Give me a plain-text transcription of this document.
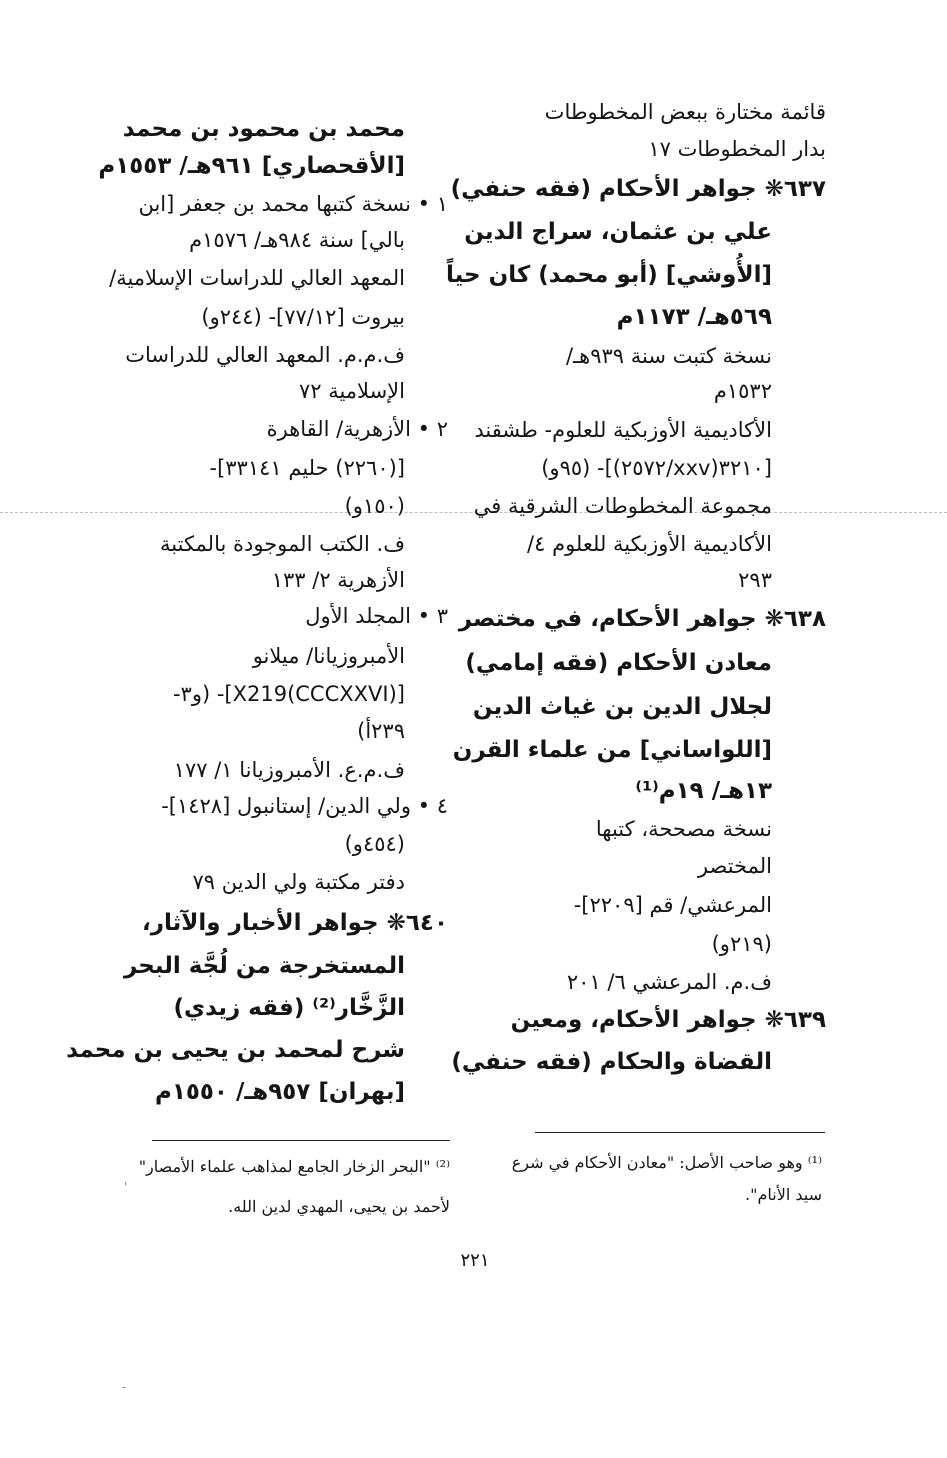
'
-
قائمة مختارة ببعض المخطوطات
بدار المخطوطات ١٧
٦٣٧❋ جواهر الأحكام (فقه حنفي)
علي بن عثمان، سراج الدين
[الأُوشي] (أبو محمد) كان حياً
٥٦٩هـ/ ١١٧٣م
نسخة كتبت سنة ٩٣٩هـ/
١٥٣٢م
الأكاديمية الأوزبكية للعلوم- طشقند
[٣٢١٠(xxv/٢٥٧٢)]- (٩٥و)
مجموعة المخطوطات الشرقية في
الأكاديمية الأوزبكية للعلوم ٤/
٢٩٣
٦٣٨❋ جواهر الأحكام، في مختصر
معادن الأحكام (فقه إمامي)
لجلال الدين بن غياث الدين
[اللواساني] من علماء القرن
١٣هـ/ ١٩م⁽¹⁾
نسخة مصححة، كتبها
المختصر
المرعشي/ قم [٢٢٠٩]-
(٢١٩و)
ف.م. المرعشي ٦/ ٢٠١
٦٣٩❋ جواهر الأحكام، ومعين
القضاة والحكام (فقه حنفي)
محمد بن محمود بن محمد
[الأقحصاري] ٩٦١هـ/ ١٥٥٣م
١ • نسخة كتبها محمد بن جعفر [ابن
بالي] سنة ٩٨٤هـ/ ١٥٧٦م
المعهد العالي للدراسات الإسلامية/
بيروت [٧٧/١٢]- (٢٤٤و)
ف.م.م. المعهد العالي للدراسات
الإسلامية ٧٢
٢ • الأزهرية/ القاهرة
[(٢٢٦٠) حليم ٣٣١٤١]-
(١٥٠و)
ف. الكتب الموجودة بالمكتبة
الأزهرية ٢/ ١٣٣
٣ • المجلد الأول
الأمبروزيانا/ ميلانو
[X219(CCCXXVI)]- (و٣-
٢٣٩أ)
ف.م.ع. الأمبروزيانا ١/ ١٧٧
٤ • ولي الدين/ إستانبول [١٤٢٨]-
(٤٥٤و)
دفتر مكتبة ولي الدين ٧٩
٦٤٠❋ جواهر الأخبار والآثار،
المستخرجة من لُجَّة البحر
الزَّخَّار⁽²⁾ (فقه زيدي)
شرح لمحمد بن يحيى بن محمد
[بهران] ٩٥٧هـ/ ١٥٥٠م
⁽¹⁾ وهو صاحب الأصل: "معادن الأحكام في شرع
سيد الأنام".
⁽²⁾ "البحر الزخار الجامع لمذاهب علماء الأمصار"
لأحمد بن يحيى، المهدي لدين الله.
٢٢١
